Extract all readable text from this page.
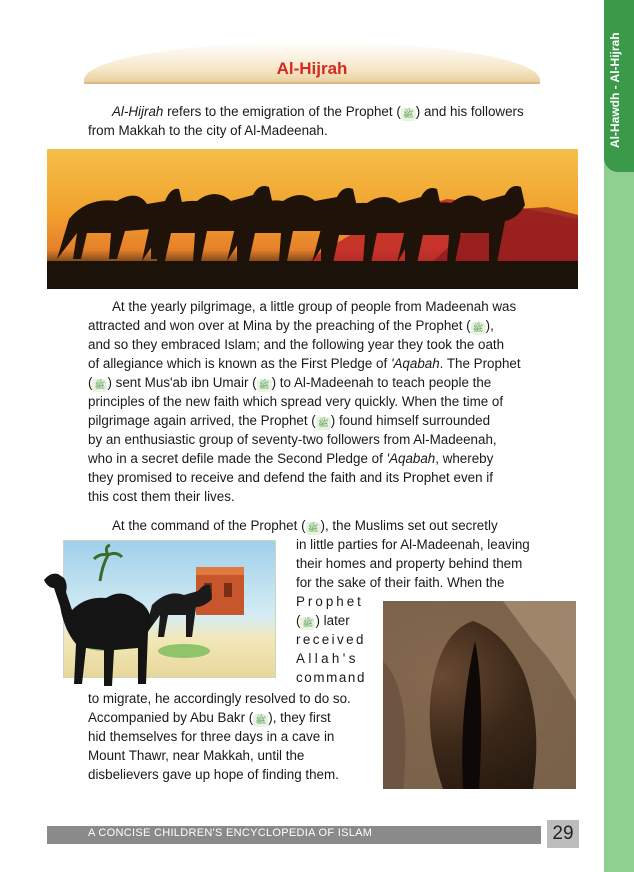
Al-Hawdh - Al-Hijrah
Al-Hijrah
Al-Hijrah refers to the emigration of the Prophet ( ﷺ ) and his followers
from Makkah to the city of Al-Madeenah.
At the yearly pilgrimage, a little group of people from Madeenah was
attracted and won over at Mina by the preaching of the Prophet ( ﷺ ),
and so they embraced Islam; and the following year they took the oath
of allegiance which is known as the First Pledge of 'Aqabah. The Prophet
( ﷺ ) sent Mus'ab ibn Umair ( ﷺ ) to Al-Madeenah to teach people the
principles of the new faith which spread very quickly. When the time of
pilgrimage again arrived, the Prophet ( ﷺ ) found himself surrounded
by an enthusiastic group of seventy-two followers from Al-Madeenah,
who in a secret defile made the Second Pledge of 'Aqabah, whereby
they promised to receive and defend the faith and its Prophet even if
this cost them their lives.
At the command of the Prophet ( ﷺ ), the Muslims set out secretly
in little parties for Al-Madeenah, leaving
their homes and property behind them
for the sake of their faith. When the
Prophet
( ﷺ ) later
received
Allah's
command
to migrate, he accordingly resolved to do so.
Accompanied by Abu Bakr ( ﷺ ), they first
hid themselves for three days in a cave in
Mount Thawr, near Makkah, until the
disbelievers gave up hope of finding them.
A CONCISE CHILDREN'S ENCYCLOPEDIA OF ISLAM	29
